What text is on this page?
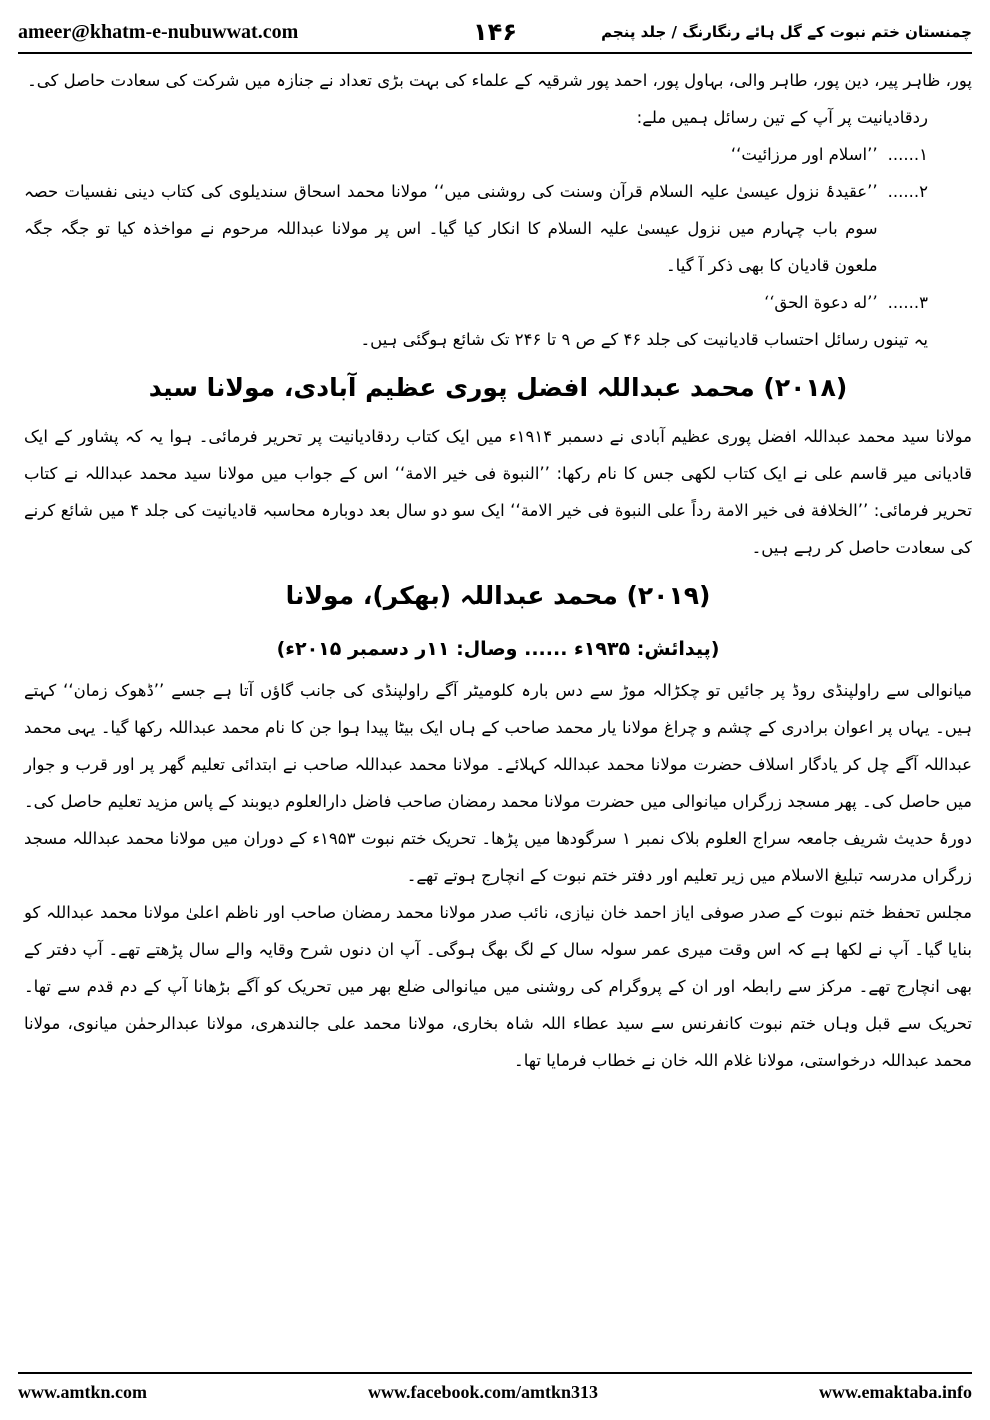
ameer@khatm-e-nubuwwat.com	۱۴۶	چمنستان ختم نبوت کے گل ہائے رنگارنگ / جلد پنجم

پور، ظاہر پیر، دین پور، طاہر والی، بہاول پور، احمد پور شرقیہ کے علماء کی بہت بڑی تعداد نے جنازہ میں شرکت کی سعادت حاصل کی۔

ردقادیانیت پر آپ کے تین رسائل ہمیں ملے:

۱......
’’اسلام اور مرزائیت‘‘
۲......
’’عقیدۂ نزول عیسیٰ علیہ السلام قرآن وسنت کی روشنی میں‘‘ مولانا محمد اسحاق سندیلوی کی کتاب دینی نفسیات حصہ سوم باب چہارم میں نزول عیسیٰ علیہ السلام کا انکار کیا گیا۔ اس پر مولانا عبداللہ مرحوم نے مواخذہ کیا تو جگہ جگہ ملعون قادیان کا بھی ذکر آ گیا۔
۳......
’’له دعوة الحق‘‘

یہ تینوں رسائل احتساب قادیانیت کی جلد ۴۶ کے ص ۹ تا ۲۴۶ تک شائع ہوگئی ہیں۔

(۲۰۱۸) محمد عبداللہ افضل پوری عظیم آبادی، مولانا سید

مولانا سید محمد عبداللہ افضل پوری عظیم آبادی نے دسمبر ۱۹۱۴ء میں ایک کتاب ردقادیانیت پر تحریر فرمائی۔ ہوا یہ کہ پشاور کے ایک قادیانی میر قاسم علی نے ایک کتاب لکھی جس کا نام رکھا: ’’النبوة فی خیر الامة‘‘ اس کے جواب میں مولانا سید محمد عبداللہ نے کتاب تحریر فرمائی: ’’الخلافة فی خیر الامة رداً علی النبوة فی خیر الامة‘‘ ایک سو دو سال بعد دوبارہ محاسبہ قادیانیت کی جلد ۴ میں شائع کرنے کی سعادت حاصل کر رہے ہیں۔

(۲۰۱۹) محمد عبداللہ (بھکر)، مولانا
(پیدائش: ۱۹۳۵ء ...... وصال: ۱۱ر دسمبر ۲۰۱۵ء)

میانوالی سے راولپنڈی روڈ پر جائیں تو چکڑالہ موڑ سے دس بارہ کلومیٹر آگے راولپنڈی کی جانب گاؤں آتا ہے جسے ’’ڈھوک زمان‘‘ کہتے ہیں۔ یہاں پر اعوان برادری کے چشم و چراغ مولانا یار محمد صاحب کے ہاں ایک بیٹا پیدا ہوا جن کا نام محمد عبداللہ رکھا گیا۔ یہی محمد عبداللہ آگے چل کر یادگار اسلاف حضرت مولانا محمد عبداللہ کہلائے۔ مولانا محمد عبداللہ صاحب نے ابتدائی تعلیم گھر پر اور قرب و جوار میں حاصل کی۔ پھر مسجد زرگراں میانوالی میں حضرت مولانا محمد رمضان صاحب فاضل دارالعلوم دیوبند کے پاس مزید تعلیم حاصل کی۔ دورۂ حدیث شریف جامعہ سراج العلوم بلاک نمبر ۱ سرگودھا میں پڑھا۔ تحریک ختم نبوت ۱۹۵۳ء کے دوران میں مولانا محمد عبداللہ مسجد زرگراں مدرسہ تبلیغ الاسلام میں زیر تعلیم اور دفتر ختم نبوت کے انچارج ہوتے تھے۔

مجلس تحفظ ختم نبوت کے صدر صوفی ایاز احمد خان نیازی، نائب صدر مولانا محمد رمضان صاحب اور ناظم اعلیٰ مولانا محمد عبداللہ کو بنایا گیا۔ آپ نے لکھا ہے کہ اس وقت میری عمر سولہ سال کے لگ بھگ ہوگی۔ آپ ان دنوں شرح وقایہ والے سال پڑھتے تھے۔ آپ دفتر کے بھی انچارج تھے۔ مرکز سے رابطہ اور ان کے پروگرام کی روشنی میں میانوالی ضلع بھر میں تحریک کو آگے بڑھانا آپ کے دم قدم سے تھا۔ تحریک سے قبل وہاں ختم نبوت کانفرنس سے سید عطاء اللہ شاہ بخاری، مولانا محمد علی جالندھری، مولانا عبدالرحمٰن میانوی، مولانا محمد عبداللہ درخواستی، مولانا غلام اللہ خان نے خطاب فرمایا تھا۔

www.amtkn.com	www.facebook.com/amtkn313	www.emaktaba.info
